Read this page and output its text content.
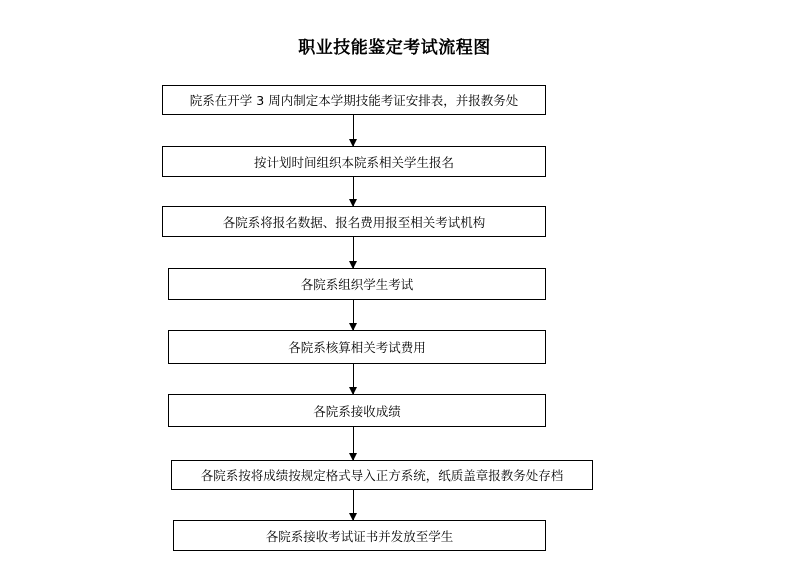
职业技能鉴定考试流程图
院系在开学 3 周内制定本学期技能考证安排表，并报教务处
按计划时间组织本院系相关学生报名
各院系将报名数据、报名费用报至相关考试机构
各院系组织学生考试
各院系核算相关考试费用
各院系接收成绩
各院系按将成绩按规定格式导入正方系统，纸质盖章报教务处存档
各院系接收考试证书并发放至学生
